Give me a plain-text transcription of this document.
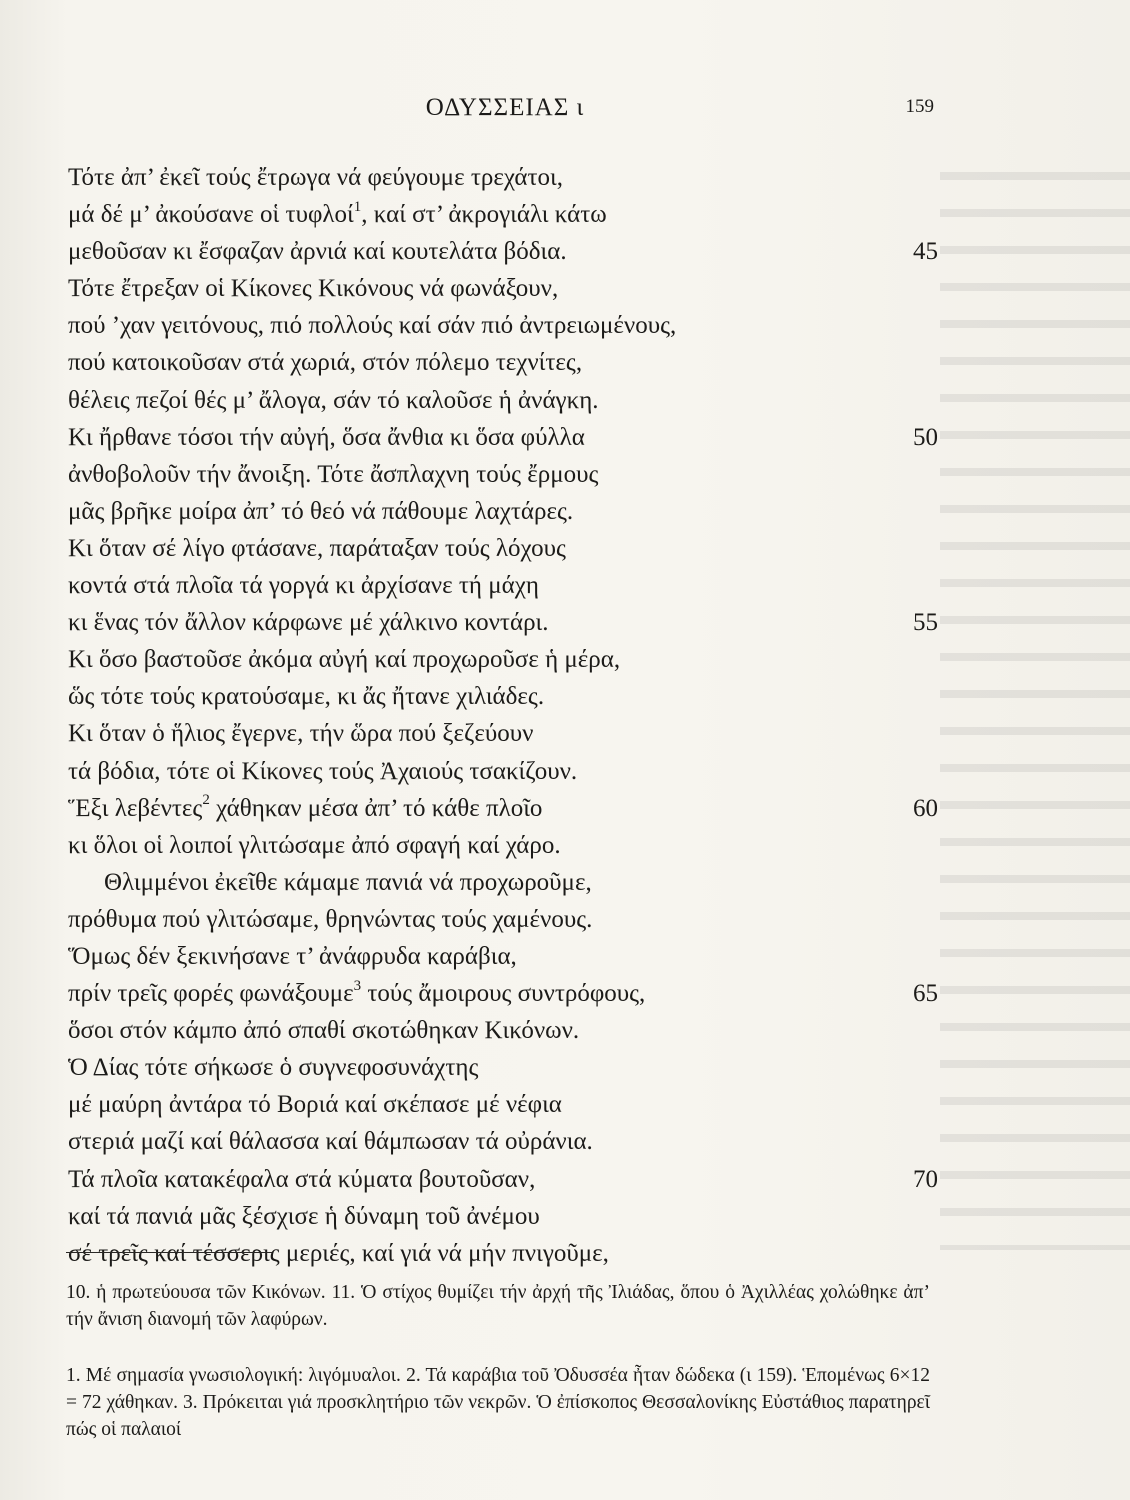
ΟΔΥΣΣΕΙΑΣ ι	159
Τότε ἀπ’ ἐκεῖ τούς ἔτρωγα νά φεύγουμε τρεχάτοι,
μά δέ μ’ ἀκούσανε οἱ τυφλοί$^1$, καί στ’ ἀκρογιάλι κάτω
μεθοῦσαν κι ἔσφαζαν ἀρνιά καί κουτελάτα βόδια.	45
Τότε ἔτρεξαν οἱ Κίκονες Κικόνους νά φωνάξουν,
πού ’χαν γειτόνους, πιό πολλούς καί σάν πιό ἀντρειωμένους,
πού κατοικοῦσαν στά χωριά, στόν πόλεμο τεχνίτες,
θέλεις πεζοί θές μ’ ἄλογα, σάν τό καλοῦσε ἡ ἀνάγκη.
Κι ἤρθανε τόσοι τήν αὐγή, ὅσα ἄνθια κι ὅσα φύλλα	50
ἀνθοβολοῦν τήν ἄνοιξη. Τότε ἄσπλαχνη τούς ἔρμους
μᾶς βρῆκε μοίρα ἀπ’ τό θεό νά πάθουμε λαχτάρες.
Κι ὅταν σέ λίγο φτάσανε, παράταξαν τούς λόχους
κοντά στά πλοῖα τά γοργά κι ἀρχίσανε τή μάχη
κι ἕνας τόν ἄλλον κάρφωνε μέ χάλκινο κοντάρι.	55
Κι ὅσο βαστοῦσε ἀκόμα αὐγή καί προχωροῦσε ἡ μέρα,
ὥς τότε τούς κρατούσαμε, κι ἄς ἤτανε χιλιάδες.
Κι ὅταν ὁ ἥλιος ἔγερνε, τήν ὥρα πού ξεζεύουν
τά βόδια, τότε οἱ Κίκονες τούς Ἀχαιούς τσακίζουν.
Ἕξι λεβέντες$^2$ χάθηκαν μέσα ἀπ’ τό κάθε πλοῖο	60
κι ὅλοι οἱ λοιποί γλιτώσαμε ἀπό σφαγή καί χάρο.
Θλιμμένοι ἐκεῖθε κάμαμε πανιά νά προχωροῦμε,
πρόθυμα πού γλιτώσαμε, θρηνώντας τούς χαμένους.
Ὅμως δέν ξεκινήσανε τ’ ἀνάφρυδα καράβια,
πρίν τρεῖς φορές φωνάξουμε$^3$ τούς ἄμοιρους συντρόφους,	65
ὅσοι στόν κάμπο ἀπό σπαθί σκοτώθηκαν Κικόνων.
Ὁ Δίας τότε σήκωσε ὁ συγνεφοσυνάχτης
μέ μαύρη ἀντάρα τό Βοριά καί σκέπασε μέ νέφια
στεριά μαζί καί θάλασσα καί θάμπωσαν τά οὐράνια.
Τά πλοῖα κατακέφαλα στά κύματα βουτοῦσαν,	70
καί τά πανιά μᾶς ξέσχισε ἡ δύναμη τοῦ ἀνέμου
σέ τρεῖς καί τέσσερις μεριές, καί γιά νά μήν πνιγοῦμε,

10. ἡ πρωτεύουσα τῶν Κικόνων. 11. Ὁ στίχος θυμίζει τήν ἀρχή τῆς Ἰλιάδας, ὅπου ὁ Ἀχιλλέας χολώθηκε ἀπ’ τήν ἄνιση διανομή τῶν λαφύρων.

1. Μέ σημασία γνωσιολογική: λιγόμυαλοι. 2. Τά καράβια τοῦ Ὀδυσσέα ἦταν δώδεκα (ι 159). Ἑπομένως 6×12 = 72 χάθηκαν. 3. Πρόκειται γιά προσκλητήριο τῶν νεκρῶν. Ὁ ἐπίσκοπος Θεσσαλονίκης Εὐστάθιος παρατηρεῖ πώς οἱ παλαιοί
